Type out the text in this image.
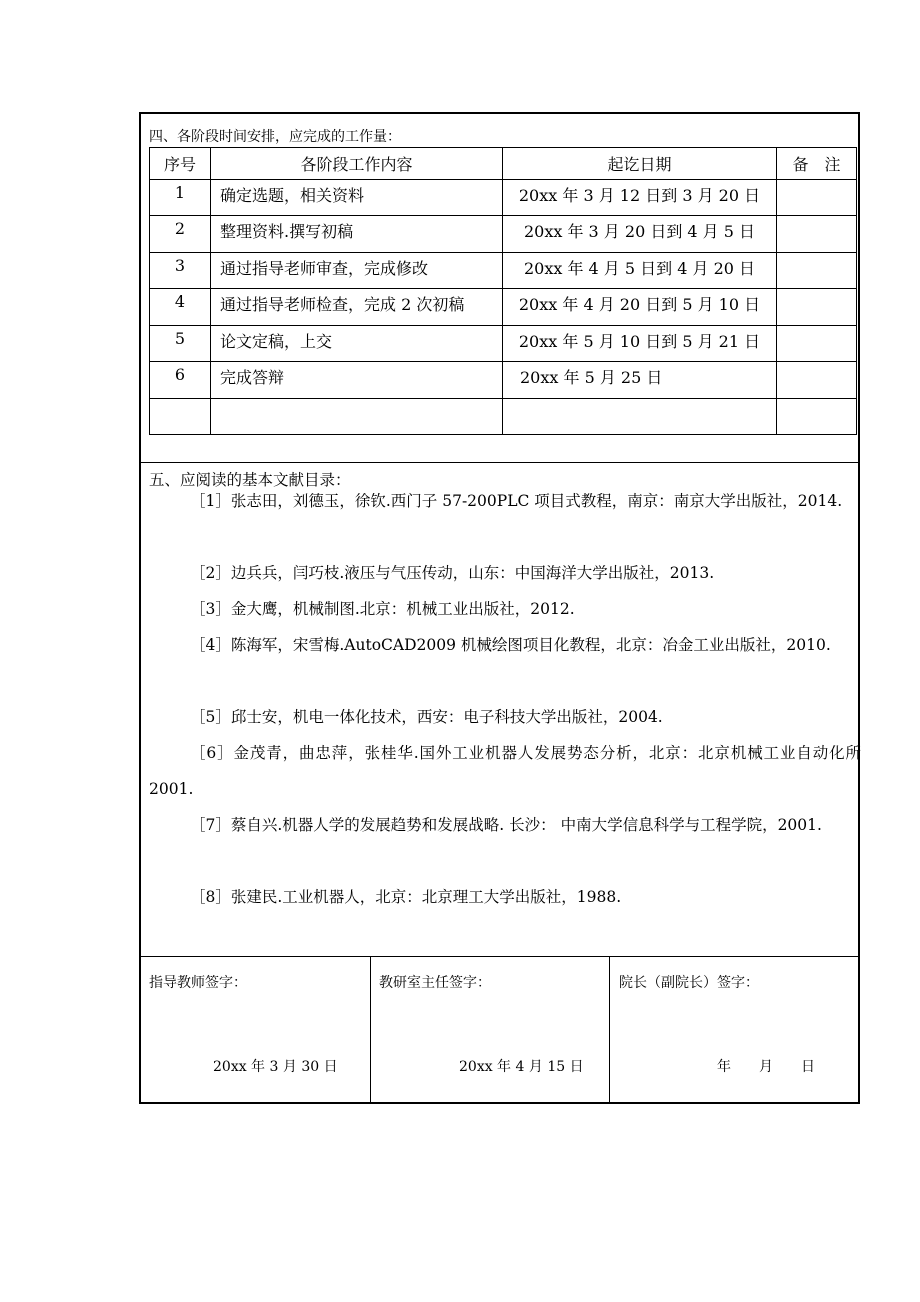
四、各阶段时间安排，应完成的工作量：
序号	各阶段工作内容	起讫日期	备　注
1	确定选题，相关资料	20xx 年 3 月 12 日到 3 月 20 日	
2	整理资料.撰写初稿	20xx 年 3 月 20 日到 4 月 5 日	
3	通过指导老师审查，完成修改	20xx 年 4 月 5 日到 4 月 20 日	
4	通过指导老师检查，完成 2 次初稿	20xx 年 4 月 20 日到 5 月 10 日	
5	论文定稿，上交	20xx 年 5 月 10 日到 5 月 21 日	
6	完成答辩	20xx 年 5 月 25 日	

五、应阅读的基本文献目录：
［1］张志田，刘德玉，徐钦.西门子 57-200PLC 项目式教程，南京：南京大学出版社，2014.
［2］边兵兵，闫巧枝.液压与气压传动，山东：中国海洋大学出版社，2013.
［3］金大鹰，机械制图.北京：机械工业出版社，2012.
［4］陈海军，宋雪梅.AutoCAD2009 机械绘图项目化教程，北京：冶金工业出版社，2010.
［5］邱士安，机电一体化技术，西安：电子科技大学出版社，2004.
［6］金茂青，曲忠萍，张桂华.国外工业机器人发展势态分析，北京：北京机械工业自动化所 2001.
［7］蔡自兴.机器人学的发展趋势和发展战略. 长沙： 中南大学信息科学与工程学院，2001.
［8］张建民.工业机器人，北京：北京理工大学出版社，1988.
指导教师签字：
20xx 年 3 月 30 日
教研室主任签字：
20xx 年 4 月 15 日
院长（副院长）签字：
年　　月　　日
